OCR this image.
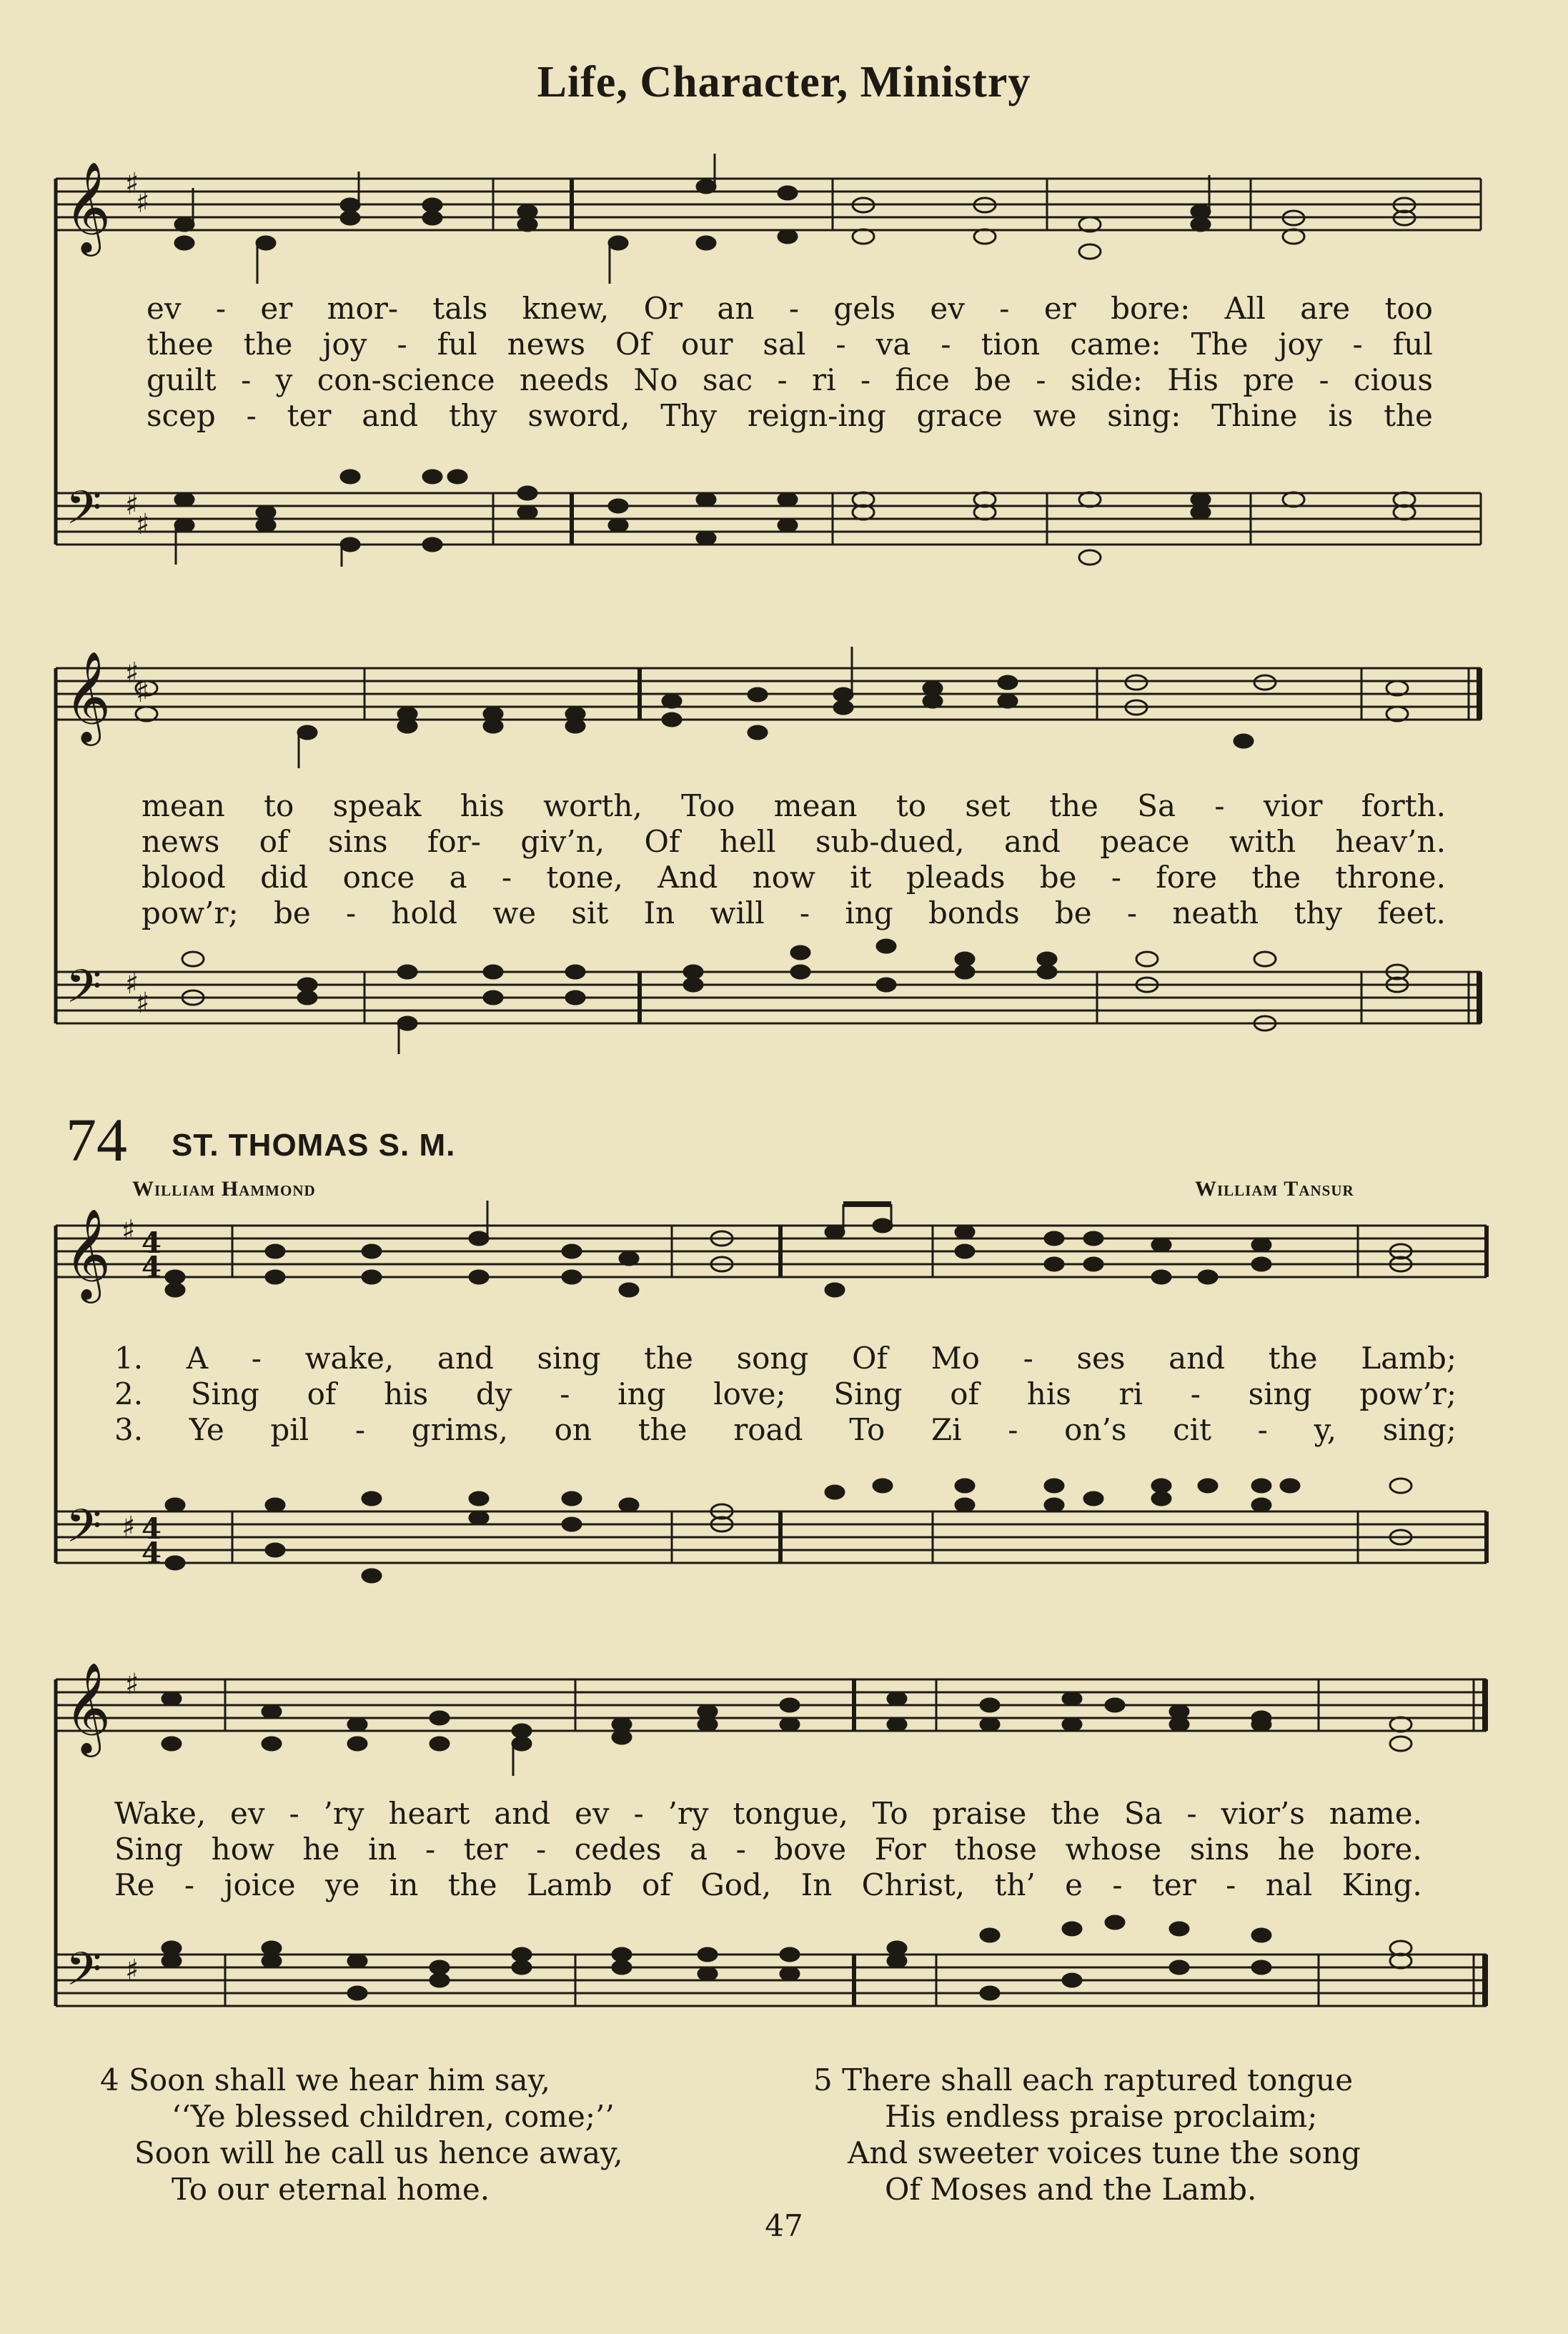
Life, Character, Ministry
𝄞
𝄢
♯
♯
♯
♯
ev - er mor- tals knew, Or an - gels ev - er bore: All are too
thee the joy - ful news Of our sal - va - tion came: The joy - ful
guilt - y con-science needs No sac - ri - fice be - side: His pre - cious
scep - ter and thy sword, Thy reign-ing grace we sing: Thine is the
𝄞
𝄢
♯
♯
♯
♯
mean to speak his worth, Too mean to set the Sa - vior forth.
news of sins for- giv’n, Of hell sub-dued, and peace with heav’n.
blood did once a - tone, And now it pleads be - fore the throne.
pow’r; be - hold we sit In will - ing bonds be - neath thy feet.
74 ST. THOMAS S. M.
William Hammond	William Tansur
𝄞
𝄢
♯
♯
4
4
4
4
1. A - wake, and sing the song Of Mo - ses and the Lamb;
2. Sing of his dy - ing love; Sing of his ri - sing pow’r;
3. Ye pil - grims, on the road To Zi - on’s cit - y, sing;
𝄞
𝄢
♯
♯
Wake, ev - ’ry heart and ev - ’ry tongue, To praise the Sa - vior’s name.
Sing how he in - ter - cedes a - bove For those whose sins he bore.
Re - joice ye in the Lamb of God, In Christ, th’ e - ter - nal King.
4 Soon shall we hear him say,
‘‘Ye blessed children, come;’’
Soon will he call us hence away,
To our eternal home.
5 There shall each raptured tongue
His endless praise proclaim;
And sweeter voices tune the song
Of Moses and the Lamb.
47
